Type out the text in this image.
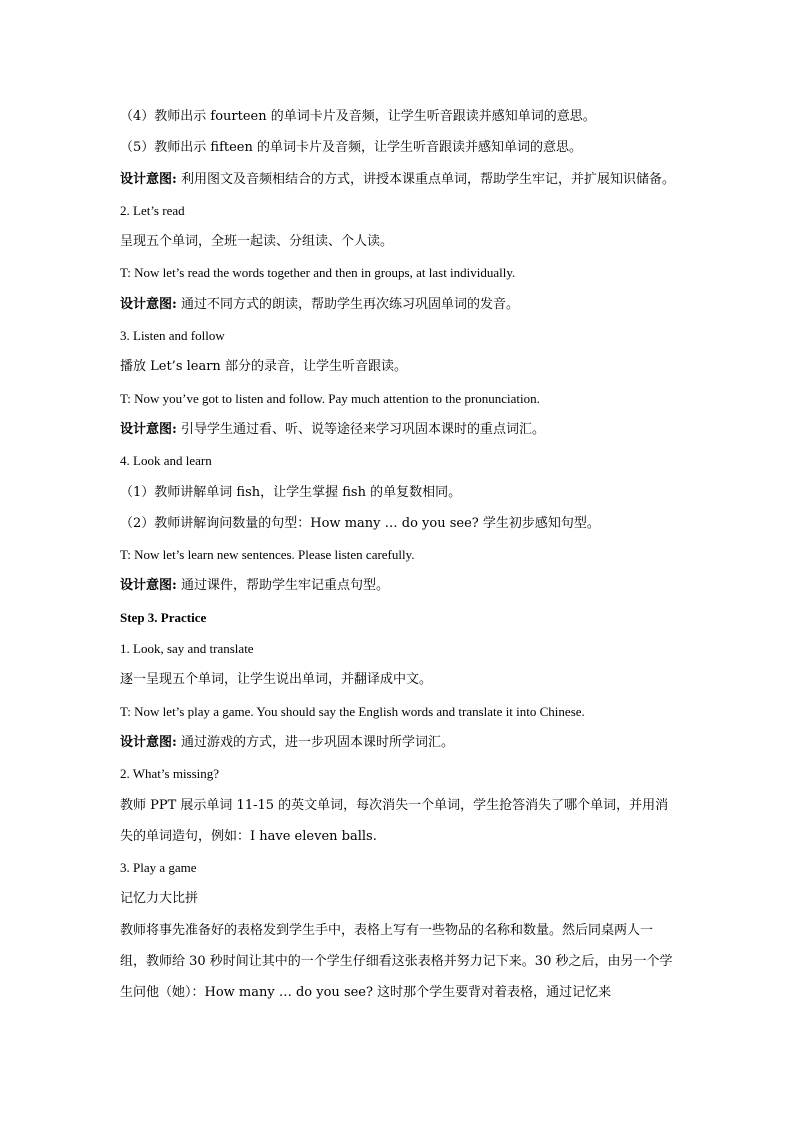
（4）教师出示 fourteen 的单词卡片及音频，让学生听音跟读并感知单词的意思。
（5）教师出示 fifteen 的单词卡片及音频，让学生听音跟读并感知单词的意思。
设计意图: 利用图文及音频相结合的方式，讲授本课重点单词，帮助学生牢记，并扩展知识储备。
2. Let’s read
呈现五个单词，全班一起读、分组读、个人读。
T: Now let’s read the words together and then in groups, at last individually.
设计意图: 通过不同方式的朗读，帮助学生再次练习巩固单词的发音。
3. Listen and follow
播放 Let’s learn 部分的录音，让学生听音跟读。
T: Now you’ve got to listen and follow. Pay much attention to the pronunciation.
设计意图: 引导学生通过看、听、说等途径来学习巩固本课时的重点词汇。
4. Look and learn
（1）教师讲解单词 fish，让学生掌握 fish 的单复数相同。
（2）教师讲解询问数量的句型：How many … do you see? 学生初步感知句型。
T: Now let’s learn new sentences. Please listen carefully.
设计意图: 通过课件，帮助学生牢记重点句型。
Step 3. Practice
1. Look, say and translate
逐一呈现五个单词，让学生说出单词，并翻译成中文。
T: Now let’s play a game. You should say the English words and translate it into Chinese.
设计意图: 通过游戏的方式，进一步巩固本课时所学词汇。
2. What’s missing?
教师 PPT 展示单词 11-15 的英文单词，每次消失一个单词，学生抢答消失了哪个单词，并用消失的单词造句，例如：I have eleven balls.
3. Play a game
记忆力大比拼
教师将事先准备好的表格发到学生手中，表格上写有一些物品的名称和数量。然后同桌两人一组，教师给 30 秒时间让其中的一个学生仔细看这张表格并努力记下来。30 秒之后，由另一个学生问他（她）：How many … do you see? 这时那个学生要背对着表格，通过记忆来
